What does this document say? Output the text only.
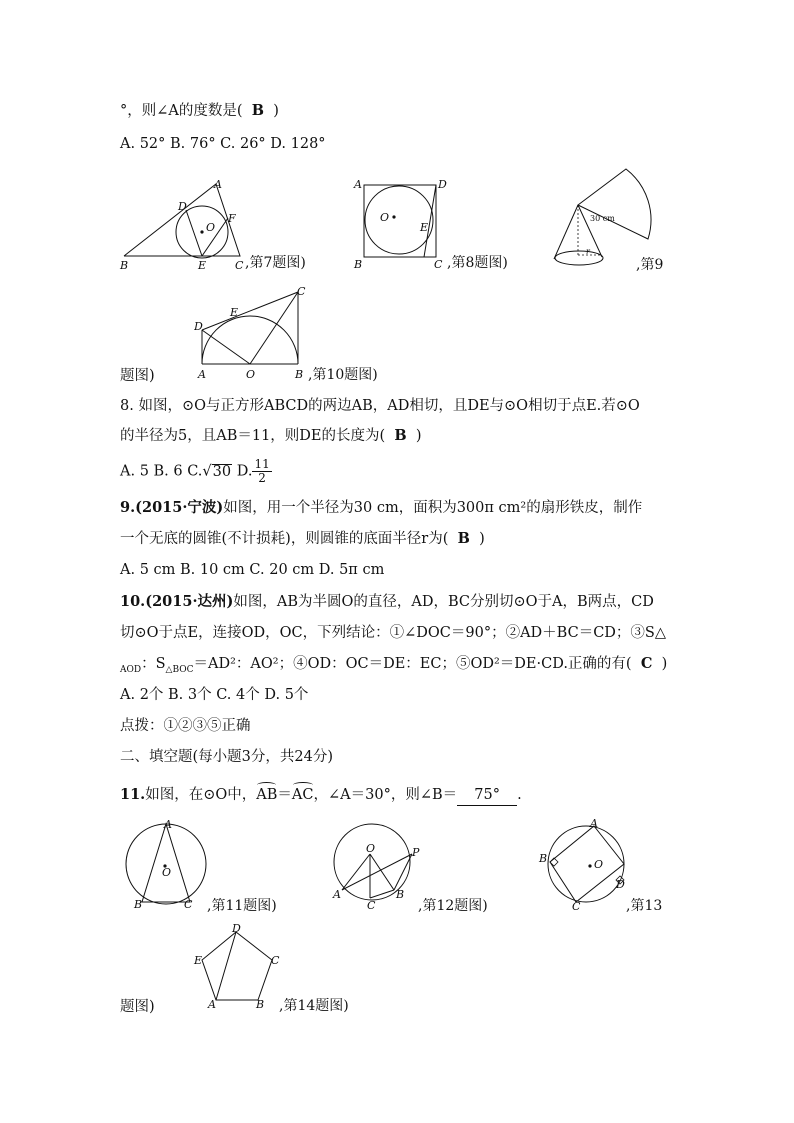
°，则∠A的度数是( B )
A. 52° B. 76° C. 26° D. 128°
B
A
D
F
O
E	C ,第7题图)
A	D
O
E
B	C ,第8题图)
30 cm
r
,第9
题图)
D
E
C
A	O	B ,第10题图)
8. 如图，⊙O与正方形ABCD的两边AB，AD相切，且DE与⊙O相切于点E.若⊙O
的半径为5，且AB＝11，则DE的长度为( B )
A. 5 B. 6 C.√30 D. $\frac{11}{2}$
9.(2015·宁波)如图，用一个半径为30 cm，面积为300π cm²的扇形铁皮，制作
一个无底的圆锥(不计损耗)，则圆锥的底面半径r为( B )
A. 5 cm B. 10 cm C. 20 cm D. 5π cm
10.(2015·达州)如图，AB为半圆O的直径，AD，BC分别切⊙O于A，B两点，CD
切⊙O于点E，连接OD，OC，下列结论：①∠DOC＝90°；②AD＋BC＝CD；③S△
$_{AOD}$：$S_{\triangle BOC}=AD^2$：AO²；④OD：OC＝DE：EC；⑤OD²＝DE·CD.正确的有( C )
A. 2个 B. 3个 C. 4个 D. 5个
点拨：①②③⑤正确
二、填空题(每小题3分，共24分)
11.如图，在⊙O中，AB＝AC，∠A＝30°，则∠B＝ 75° .
A
O
B	C ,第11题图)
O	P
A	B
C	,第12题图)
A
B	O
D
C	,第13
题图)
D
E	C
A	B ,第14题图)
